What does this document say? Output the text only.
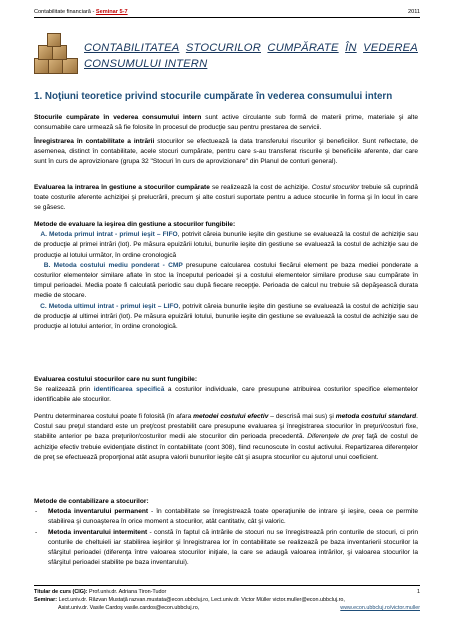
Contabilitate financiară - Seminar 5-7	2011
CONTABILITATEA STOCURILOR CUMPĂRATE ÎN VEDEREA
CONSUMULUI INTERN
1. Noţiuni teoretice privind stocurile cumpărate în vederea consumului intern

Stocurile cumpărate în vederea consumului intern sunt active circulante sub formă de materii prime, materiale şi alte consumabile care urmează să fie folosite în procesul de producţie sau pentru prestarea de servicii.

Înregistrarea în contabilitate a intrării stocurilor se efectuează la data transferului riscurilor şi beneficiilor. Sunt reflectate, de asemenea, distinct în contabilitate, acele stocuri cumpărate, pentru care s-au transferat riscurile şi beneficiile aferente, dar care sunt în curs de aprovizionare (grupa 32 "Stocuri în curs de aprovizionare" din Planul de conturi general).

Evaluarea la intrarea în gestiune a stocurilor cumpărate se realizează la cost de achiziţie. Costul stocurilor trebuie să cuprindă toate costurile aferente achiziţiei şi prelucrării, precum şi alte costuri suportate pentru a aduce stocurile în forma şi în locul în care se găsesc.

Metode de evaluare la ieşirea din gestiune a stocurilor fungibile:

A. Metoda primul intrat - primul ieşit – FIFO, potrivit căreia bunurile ieşite din gestiune se evaluează la costul de achiziţie sau de producţie al primei intrări (lot). Pe măsura epuizării lotului, bunurile ieşite din gestiune se evaluează la costul de achiziţie sau de producţie al lotului următor, în ordine cronologică

B. Metoda costului mediu ponderat - CMP presupune calcularea costului fiecărui element pe baza mediei ponderate a costurilor elementelor similare aflate în stoc la începutul perioadei şi a costului elementelor similare produse sau cumpărate în timpul perioadei. Media poate fi calculată periodic sau după fiecare recepţie. Perioada de calcul nu trebuie să depăşească durata medie de stocare.

C. Metoda ultimul intrat - primul ieşit – LIFO, potrivit căreia bunurile ieşite din gestiune se evaluează la costul de achiziţie sau de producţie al ultimei intrări (lot). Pe măsura epuizării lotului, bunurile ieşite din gestiune se evaluează la costul de achiziţie sau de producţie al lotului anterior, în ordine cronologică.

Evaluarea costului stocurilor care nu sunt fungibile:

Se realizează prin identificarea specifică a costurilor individuale, care presupune atribuirea costurilor specifice elementelor identificabile ale stocurilor.

Pentru determinarea costului poate fi folosită (în afara metodei costului efectiv – descrisă mai sus) şi metoda costului standard. Costul sau preţul standard este un preţ/cost prestabilit care presupune evaluarea şi înregistrarea stocurilor în preţuri/costuri fixe, stabilite anterior pe baza preţurilor/costurilor medii ale stocurilor din perioada precedentă. Diferenţele de preţ faţă de costul de achiziţie efectiv trebuie evidenţiate distinct în contabilitate (cont 308), fiind recunoscute în costul activului. Repartizarea diferenţelor de preţ se efectuează proporţional atât asupra valorii bunurilor ieşite cât şi asupra stocurilor cu ajutorul unui coeficient.

Metode de contabilizare a stocurilor:

-	Metoda inventarului permanent - în contabilitate se înregistrează toate operaţiunile de intrare şi ieşire, ceea ce permite stabilirea şi cunoaşterea în orice moment a stocurilor, atât cantitativ, cât şi valoric.

-	Metoda inventarului intermitent - constă în faptul că intrările de stocuri nu se înregistrează prin conturile de stocuri, ci prin conturile de cheltuieli iar stabilirea ieşirilor şi înregistrarea lor în contabilitate se realizează pe baza inventarierii stocurilor la sfârşitul perioadei (diferenţa între valoarea stocurilor iniţiale, la care se adaugă valoarea intrărilor, şi valoarea stocurilor la sfârşitul perioadei stabilite pe baza inventarului).

Titular de curs (CIG): Prof.univ.dr. Adriana Tiron-Tudor	1
Seminar: Lect.univ.dr. Răzvan Mustaţă razvan.mustata@econ.ubbcluj.ro, Lect.univ.dr. Victor Müller victor.muller@econ.ubbcluj.ro,
Asist.univ.dr. Vasile Cardoş vasile.cardos@econ.ubbcluj.ro,	www.econ.ubbcluj.ro/victor.muller
